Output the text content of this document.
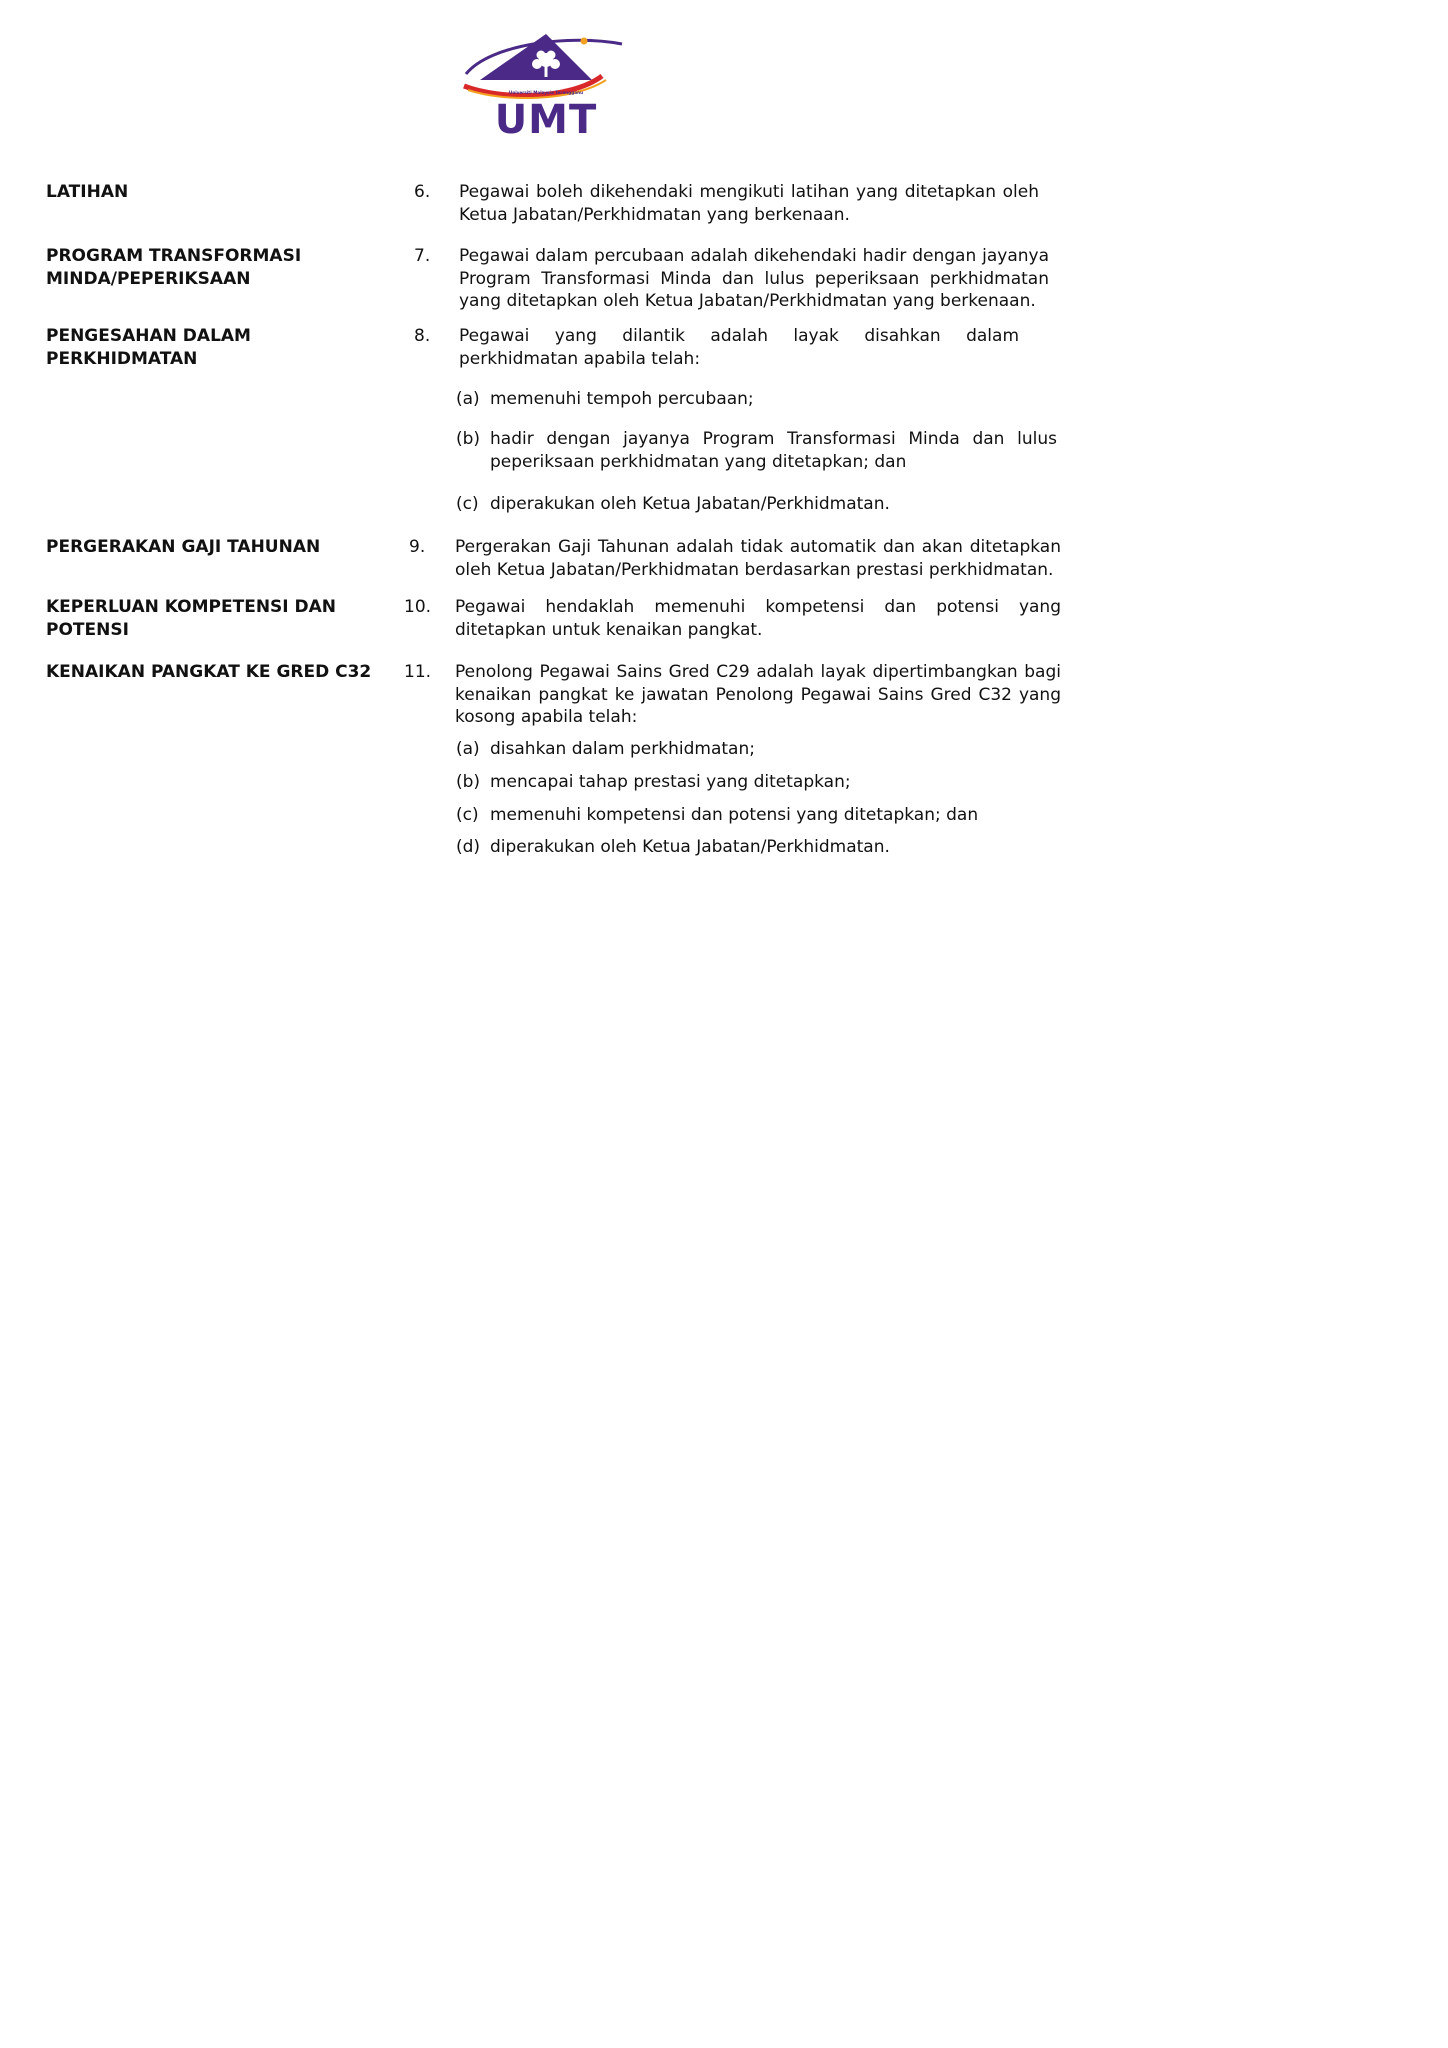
Universiti Malaysia Terengganu
UMT
LATIHAN	6. Pegawai boleh dikehendaki mengikuti latihan yang ditetapkan oleh Ketua Jabatan/Perkhidmatan yang berkenaan.
PROGRAM TRANSFORMASI MINDA/PEPERIKSAAN
7. Pegawai dalam percubaan adalah dikehendaki hadir dengan jayanya Program Transformasi Minda dan lulus peperiksaan perkhidmatan yang ditetapkan oleh Ketua Jabatan/Perkhidmatan yang berkenaan.
PENGESAHAN DALAM PERKHIDMATAN
8. Pegawai yang dilantik adalah layak disahkan dalam perkhidmatan apabila telah:
(a) memenuhi tempoh percubaan;
(b) hadir dengan jayanya Program Transformasi Minda dan lulus peperiksaan perkhidmatan yang ditetapkan; dan
(c) diperakukan oleh Ketua Jabatan/Perkhidmatan.
PERGERAKAN GAJI TAHUNAN	9. Pergerakan Gaji Tahunan adalah tidak automatik dan akan ditetapkan oleh Ketua Jabatan/Perkhidmatan berdasarkan prestasi perkhidmatan.
KEPERLUAN KOMPETENSI DAN POTENSI
10. Pegawai hendaklah memenuhi kompetensi dan potensi yang ditetapkan untuk kenaikan pangkat.
KENAIKAN PANGKAT KE GRED C32 11. Penolong Pegawai Sains Gred C29 adalah layak dipertimbangkan bagi kenaikan pangkat ke jawatan Penolong Pegawai Sains Gred C32 yang kosong apabila telah:
(a) disahkan dalam perkhidmatan;
(b) mencapai tahap prestasi yang ditetapkan;
(c) memenuhi kompetensi dan potensi yang ditetapkan; dan
(d) diperakukan oleh Ketua Jabatan/Perkhidmatan.
